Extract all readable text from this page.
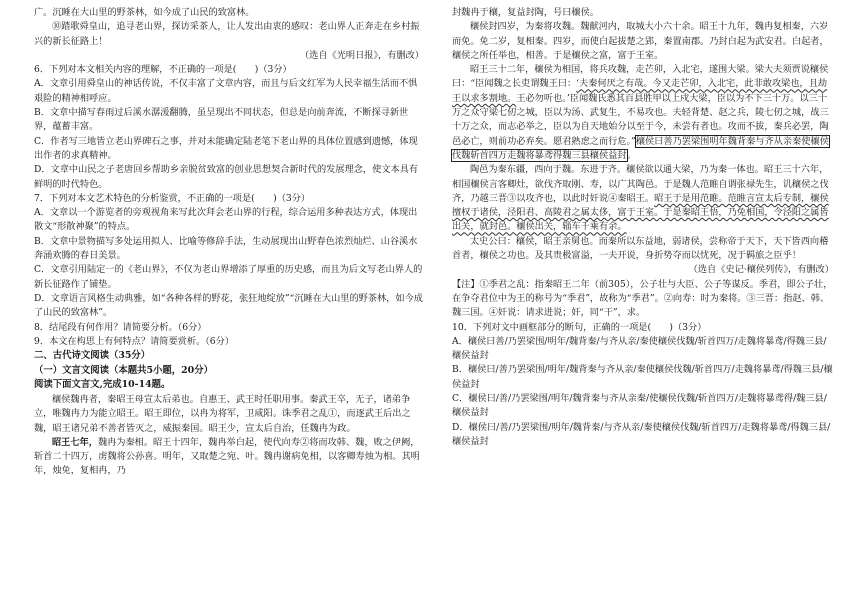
广。沉睡在大山里的野茶林，如今成了山民的致富林。

⑩踏歌舜皇山，追寻老山界，探访采茶人，让人发出由衷的感叹：老山界人正奔走在乡村振兴的新长征路上！

（选自《光明日报》，有删改）

6．下列对本文相关内容的理解，不正确的一项是(　　)（3分）

A．文章引用舜皇山的神话传说，不仅丰富了文章内容，而且与后文红军为人民幸福生活而不惧艰险的精神相呼应。

B．文章中描写春雨过后溪水潺湲翻腾，虽呈现出不同状态，但总是向前奔流，不断探寻新世界，蕴蓄丰富。

C．作者写三地皆立老山界碑石之事，并对未能确定陆老笔下老山界的具体位置感到遗憾，体现出作者的求真精神。

D．文章中山民之子老唐回乡帮助乡亲脱贫致富的创业思想契合新时代的发展理念，使文本具有鲜明的时代特色。

7．下列对本文艺术特色的分析鉴赏，不正确的一项是(　　)（3分）

A．文章以一个游览者的旁观视角来写此次拜会老山界的行程，综合运用多种表达方式，体现出散文“形散神聚”的特点。

B．文章中景物描写多处运用拟人、比喻等修辞手法，生动展现出山野春色浓烈灿烂、山谷溪水奔涌欢腾的春日美景。

C．文章引用陆定一的《老山界》，不仅为老山界增添了厚重的历史感，而且为后文写老山界人的新长征路作了铺垫。

D．文章语言风格生动典雅，如“各种各样的野花，张狂地绽放”“沉睡在大山里的野茶林，如今成了山民的致富林”。

8．结尾段有何作用？请简要分析。（6分）

9．本文在构思上有何特点？请简要赏析。（6分）

二、古代诗文阅读（35分）

（一）文言文阅读（本题共5小题，20分）

阅读下面文言文,完成10-14题。

穰侯魏冉者，秦昭王母宣太后弟也。自惠王、武王时任职用事。秦武王卒，无子，诸弟争立，唯魏冉力为能立昭王。昭王即位，以冉为将军，卫咸阳。诛季君之乱①，而逐武王后出之魏，昭王诸兄弟不善者皆灭之，威振秦国。昭王少，宣太后自治，任魏冉为政。

昭王七年，魏冉为秦相。昭王十四年，魏冉举白起，使代向寿②将而攻韩、魏，败之伊阙，斩首二十四万，虏魏将公孙喜。明年，又取楚之宛、叶。魏冉谢病免相，以客卿寿烛为相。其明年，烛免，复相冉，乃

封魏冉于穰，复益封陶，号曰穰侯。

穰侯封四岁，为秦将攻魏。魏献河内，取城大小六十余。昭王十九年，魏冉复相秦，六岁而免。免二岁，复相秦。四岁，而使白起拔楚之郢，秦置南郡。乃封白起为武安君。白起者，穰侯之所任举也，相善。于是穰侯之富，富于王室。

昭王三十二年，穰侯为相国，将兵攻魏，走芒卯，入北宅，遂围大梁。梁大夫须贾说穰侯曰：“臣闻魏之长吏谓魏王曰：‘夫秦何厌之有哉。今又走芒卯，入北宅，此非敢攻梁也，且劫王以求多割地。王必勿听也。’臣闻魏氏悉其百县胜甲以上戍大梁，臣以为不下三十万。以三十万之众守梁七仞之城，臣以为汤、武复生，不易攻也。夫轻背楚、赵之兵，陵七仞之城，战三十万之众，而志必举之，臣以为自天地始分以至于今，未尝有者也。攻而不拔，秦兵必罢，陶邑必亡，则前功必弃矣。愿君熟虑之而行危。”穰侯曰善乃罢梁围明年魏背秦与齐从亲秦使穰侯伐魏斩首四万走魏将暴鸢得魏三县穰侯益封。

陶邑为秦东疆，西向于魏。东进于齐。穰侯欲以通大梁，乃为秦一体也。昭王三十六年，相国穰侯言客卿灶，欲伐齐取刚、寿，以广其陶邑。于是魏人范睢自谓张禄先生，讥穰侯之伐齐，乃越三晋③以攻齐也，以此时奸说④秦昭王。昭王于是用范睢。范睢言宣太后专制，穰侯擅权于诸侯，泾阳君、高陵君之属太侈，富于王室。于是秦昭王悟，乃免相国，令泾阳之属皆出关，就封邑。穰侯出关，辎车千乘有余。

太史公曰：穰侯，昭王亲舅也。而秦所以东益地，弱诸侯，尝称帝于天下，天下皆西向稽首者，穰侯之功也。及其贵极富溢，一夫开说，身折势夺而以忧死，况于羁旅之臣乎！

（选自《史记·穰侯列传》，有删改）

【注】①季君之乱：指秦昭王二年（前305），公子壮与大臣、公子等谋反。季君，即公子壮，在争夺君位中为王的称号为“季君”，故称为“季君”。②向寿：时为秦将。③三晋：指赵、韩、魏三国。④奸说：请求进说；奸，同“干”，求。

10．下列对文中画框部分的断句，正确的一项是(　　)（3分）

A．穰侯曰善/乃罢梁围/明年/魏背秦/与齐从亲/秦使穰侯伐魏/斩首四万/走魏将暴鸢/得魏三县/穰侯益封

B．穰侯曰/善乃罢梁围/明年/魏背秦与齐从亲/秦使穰侯伐魏/斩首四万/走魏将暴鸢/得魏三县/穰侯益封

C．穰侯曰/善/乃罢梁围/明年/魏背秦与齐从亲秦/使穰侯伐魏/斩首四万/走魏将暴鸢得/魏三县/穰侯益封

D．穰侯曰/善/乃罢梁围/明年/魏背秦/与齐从亲/秦使穰侯伐魏/斩首四万/走魏将暴鸢/得魏三县/穰侯益封
